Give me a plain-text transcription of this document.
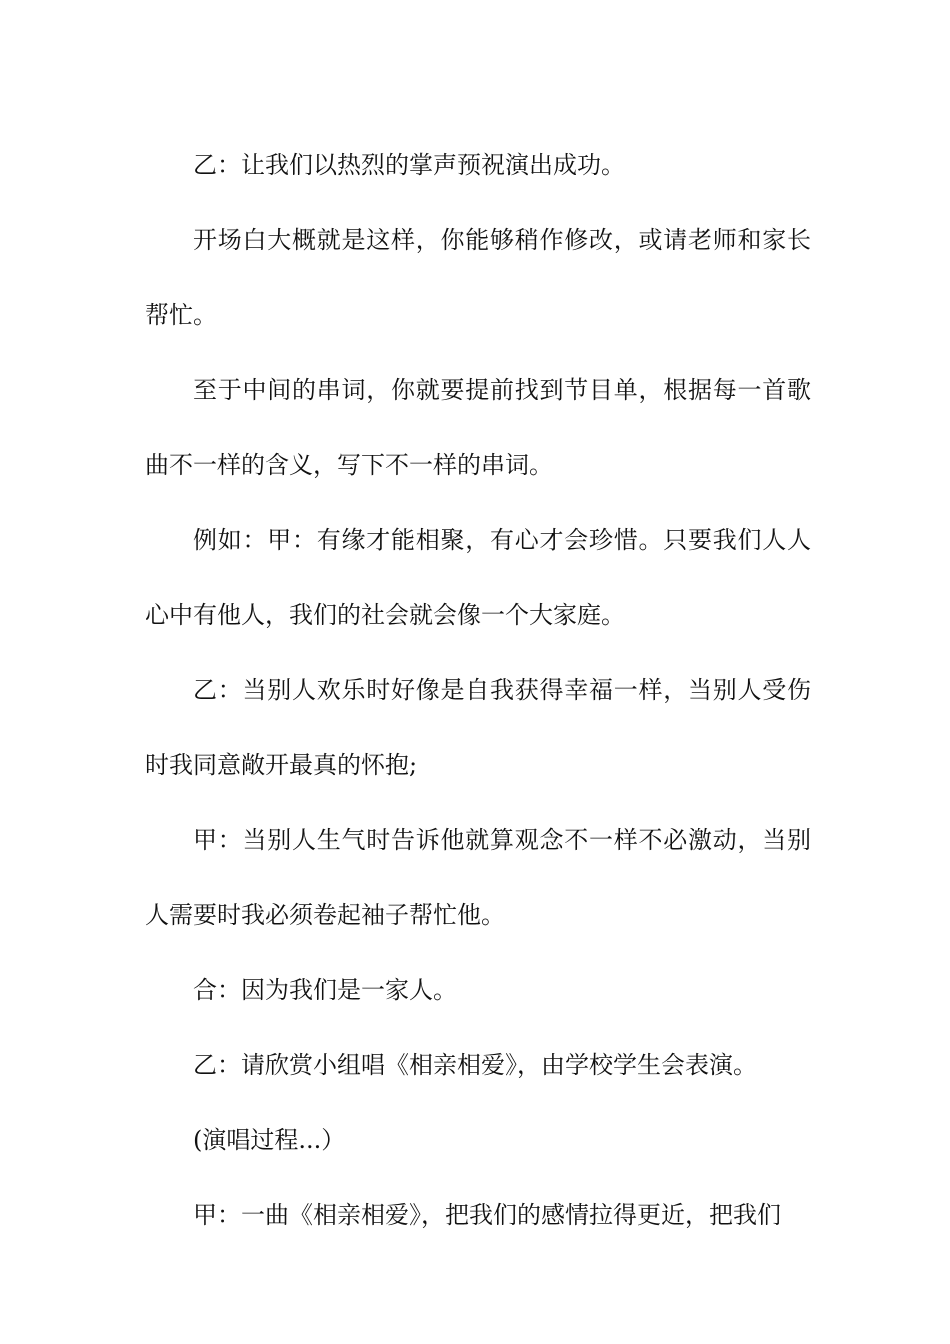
乙：让我们以热烈的掌声预祝演出成功。

开场白大概就是这样，你能够稍作修改，或请老师和家长帮忙。

至于中间的串词，你就要提前找到节目单，根据每一首歌曲不一样的含义，写下不一样的串词。

例如：甲：有缘才能相聚，有心才会珍惜。只要我们人人心中有他人，我们的社会就会像一个大家庭。

乙：当别人欢乐时好像是自我获得幸福一样，当别人受伤时我同意敞开最真的怀抱;

甲：当别人生气时告诉他就算观念不一样不必激动，当别人需要时我必须卷起袖子帮忙他。

合：因为我们是一家人。

乙：请欣赏小组唱《相亲相爱》，由学校学生会表演。

(演唱过程...）

甲：一曲《相亲相爱》，把我们的感情拉得更近，把我们
